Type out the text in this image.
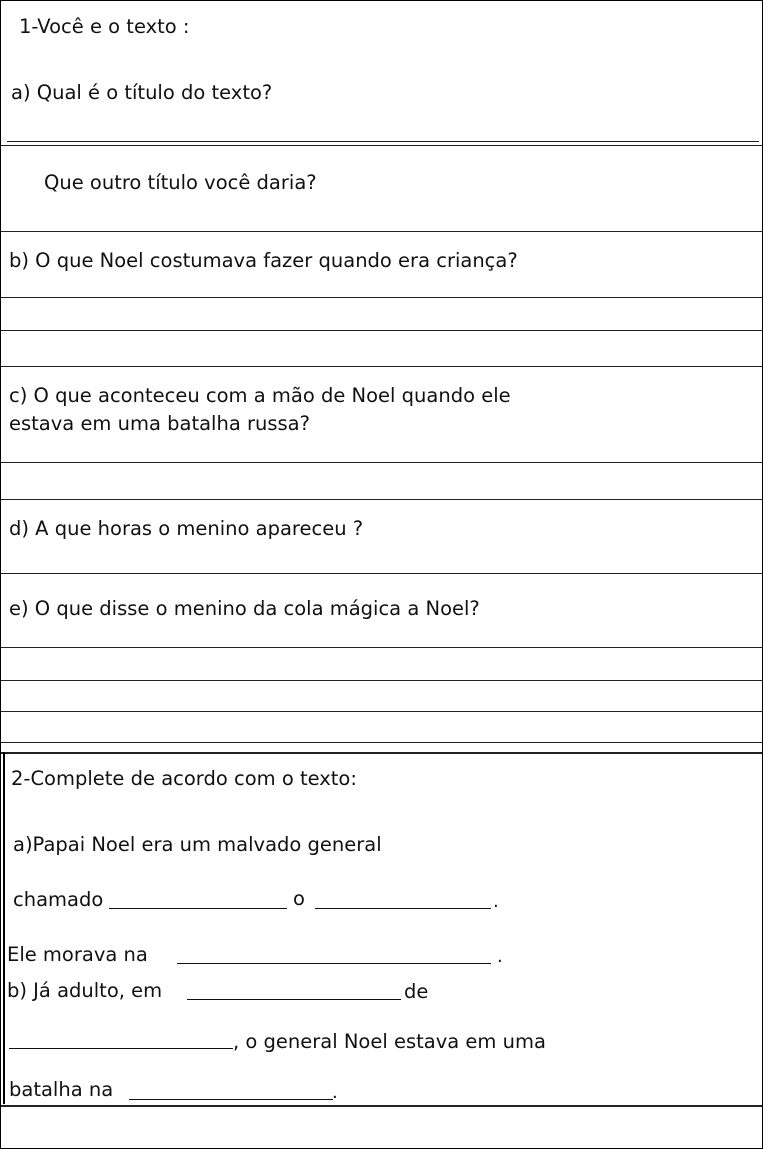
1-Você e o texto :
a) Qual é o título do texto?
Que outro título você daria?
b) O que Noel costumava fazer quando era criança?
c) O que aconteceu com a mão de Noel quando ele
estava em uma batalha russa?
d) A que horas o menino apareceu ?
e) O que disse o menino da cola mágica a Noel?
2-Complete de acordo com o texto:
a)Papai Noel era um malvado general
chamado	o	.
Ele morava na	.
b) Já adulto, em	de
, o general Noel estava em uma
batalha na	.
